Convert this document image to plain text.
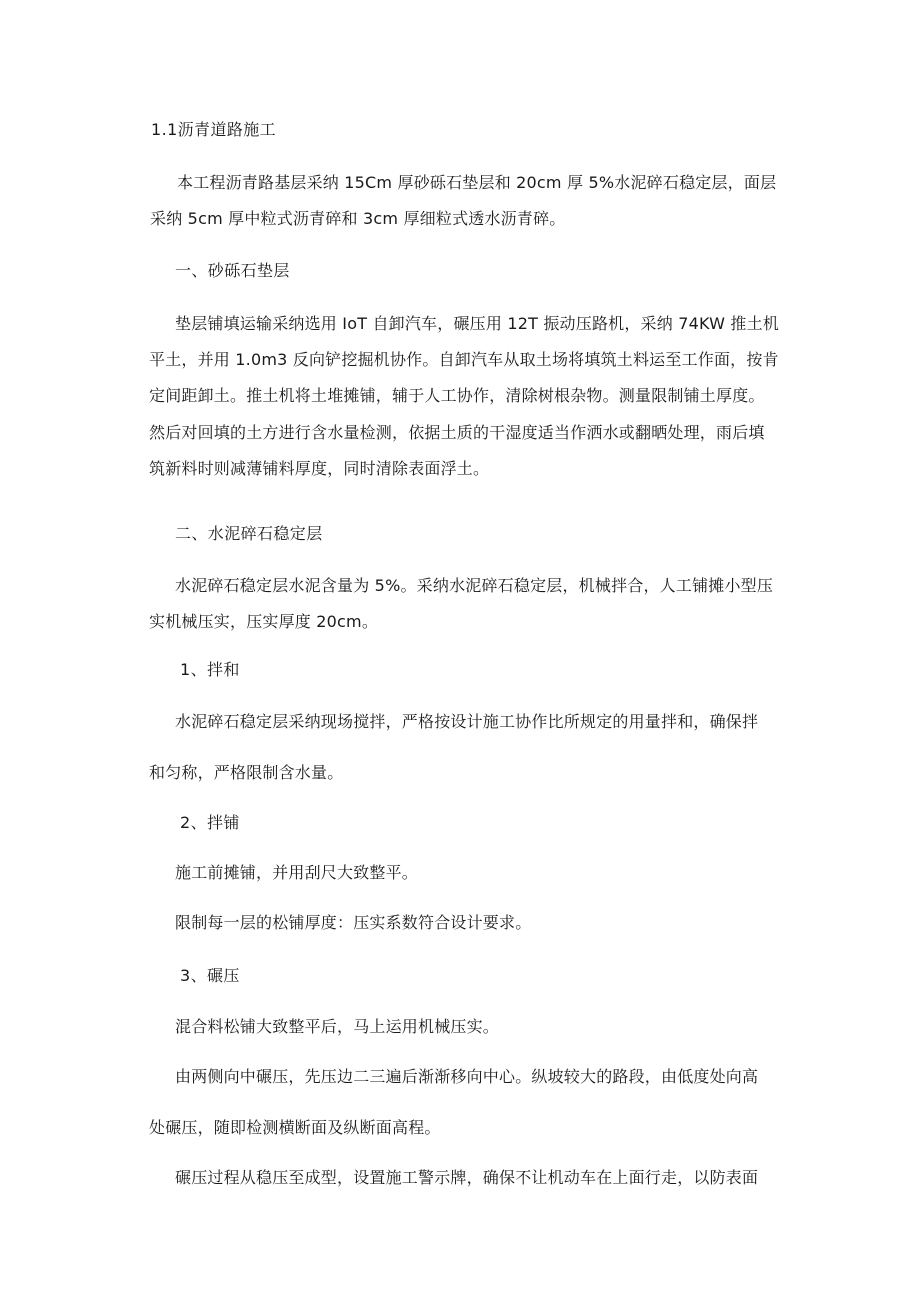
1.1沥青道路施工
本工程沥青路基层采纳 15Cm 厚砂砾石垫层和 20cm 厚 5%水泥碎石稳定层，面层
采纳 5cm 厚中粒式沥青碎和 3cm 厚细粒式透水沥青碎。
一、砂砾石垫层
垫层铺填运输采纳选用 IoT 自卸汽车，碾压用 12T 振动压路机，采纳 74KW 推土机
平土，并用 1.0m3 反向铲挖掘机协作。自卸汽车从取土场将填筑土料运至工作面，按肯
定间距卸土。推土机将土堆摊铺，辅于人工协作，清除树根杂物。测量限制铺土厚度。
然后对回填的土方进行含水量检测，依据土质的干湿度适当作洒水或翻晒处理，雨后填
筑新料时则减薄铺料厚度，同时清除表面浮土。
二、水泥碎石稳定层
水泥碎石稳定层水泥含量为 5%。采纳水泥碎石稳定层，机械拌合，人工铺摊小型压
实机械压实，压实厚度 20cm。
1、拌和
水泥碎石稳定层采纳现场搅拌，严格按设计施工协作比所规定的用量拌和，确保拌
和匀称，严格限制含水量。
2、拌铺
施工前摊铺，并用刮尺大致整平。
限制每一层的松铺厚度：压实系数符合设计要求。
3、碾压
混合料松铺大致整平后，马上运用机械压实。
由两侧向中碾压，先压边二三遍后渐渐移向中心。纵坡较大的路段，由低度处向高
处碾压，随即检测横断面及纵断面高程。
碾压过程从稳压至成型，设置施工警示牌，确保不让机动车在上面行走，以防表面
